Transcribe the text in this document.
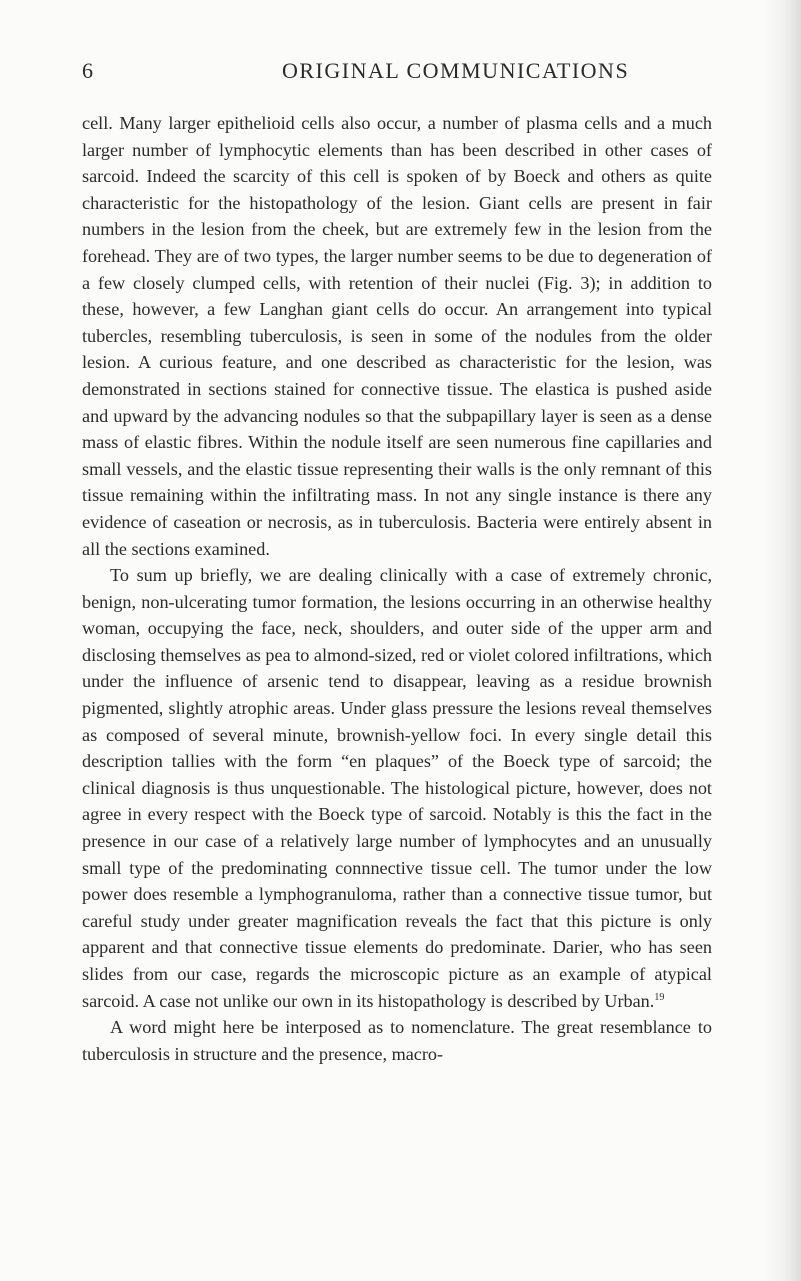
6	ORIGINAL COMMUNICATIONS

cell. Many larger epithelioid cells also occur, a number of plasma cells and a much larger number of lymphocytic elements than has been described in other cases of sarcoid. Indeed the scarcity of this cell is spoken of by Boeck and others as quite characteristic for the histopathology of the lesion. Giant cells are present in fair numbers in the lesion from the cheek, but are extremely few in the lesion from the forehead. They are of two types, the larger number seems to be due to degeneration of a few closely clumped cells, with retention of their nuclei (Fig. 3); in addition to these, however, a few Langhan giant cells do occur. An arrangement into typical tubercles, resembling tuberculosis, is seen in some of the nodules from the older lesion. A curious feature, and one described as characteristic for the lesion, was demonstrated in sections stained for connective tissue. The elastica is pushed aside and upward by the advancing nodules so that the subpapillary layer is seen as a dense mass of elastic fibres. Within the nodule itself are seen numerous fine capillaries and small vessels, and the elastic tissue representing their walls is the only remnant of this tissue remaining within the infiltrating mass. In not any single instance is there any evidence of caseation or necrosis, as in tuberculosis. Bacteria were entirely absent in all the sections examined.

To sum up briefly, we are dealing clinically with a case of extremely chronic, benign, non-ulcerating tumor formation, the lesions occurring in an otherwise healthy woman, occupying the face, neck, shoulders, and outer side of the upper arm and disclosing themselves as pea to almond-sized, red or violet colored infiltrations, which under the influence of arsenic tend to disappear, leaving as a residue brownish pigmented, slightly atrophic areas. Under glass pressure the lesions reveal themselves as composed of several minute, brownish-yellow foci. In every single detail this description tallies with the form “en plaques” of the Boeck type of sarcoid; the clinical diagnosis is thus unquestionable. The histological picture, however, does not agree in every respect with the Boeck type of sarcoid. Notably is this the fact in the presence in our case of a relatively large number of lymphocytes and an unusually small type of the predominating connnective tissue cell. The tumor under the low power does resemble a lymphogranuloma, rather than a connective tissue tumor, but careful study under greater magnification reveals the fact that this picture is only apparent and that connective tissue elements do predominate. Darier, who has seen slides from our case, regards the microscopic picture as an example of atypical sarcoid. A case not unlike our own in its histopathology is described by Urban.$^{19}$

A word might here be interposed as to nomenclature. The great resemblance to tuberculosis in structure and the presence, macro-
